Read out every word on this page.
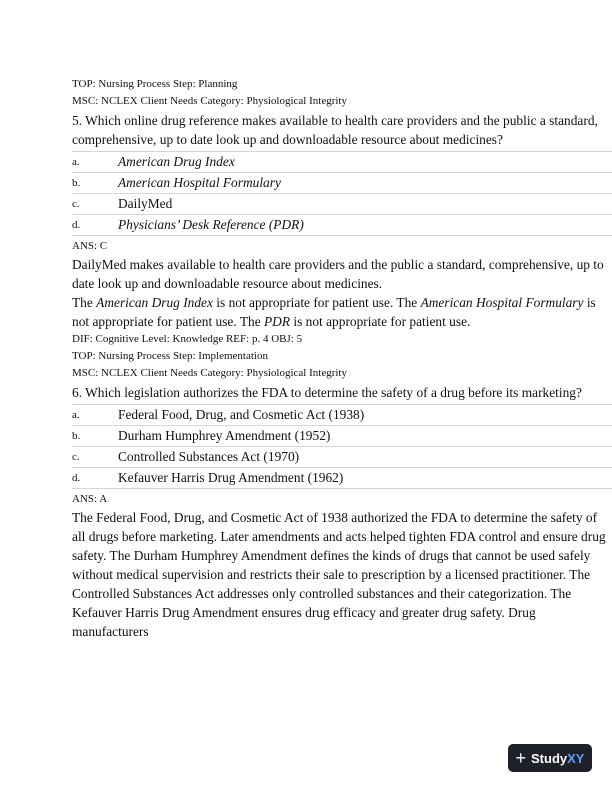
TOP: Nursing Process Step: Planning
MSC: NCLEX Client Needs Category: Physiological Integrity
5. Which online drug reference makes available to health care providers and the public a standard, comprehensive, up to date look up and downloadable resource about medicines?
a.	American Drug Index
b.	American Hospital Formulary
c.	DailyMed
d.	Physicians’ Desk Reference (PDR)
ANS: C

DailyMed makes available to health care providers and the public a standard, comprehensive, up to date look up and downloadable resource about medicines.

The American Drug Index is not appropriate for patient use. The American Hospital Formulary is not appropriate for patient use. The PDR is not appropriate for patient use.

DIF: Cognitive Level: Knowledge REF: p. 4 OBJ: 5
TOP: Nursing Process Step: Implementation
MSC: NCLEX Client Needs Category: Physiological Integrity
6. Which legislation authorizes the FDA to determine the safety of a drug before its marketing?
a.	Federal Food, Drug, and Cosmetic Act (1938)
b.	Durham Humphrey Amendment (1952)
c.	Controlled Substances Act (1970)
d.	Kefauver Harris Drug Amendment (1962)
ANS: A

The Federal Food, Drug, and Cosmetic Act of 1938 authorized the FDA to determine the safety of all drugs before marketing. Later amendments and acts helped tighten FDA control and ensure drug safety. The Durham Humphrey Amendment defines the kinds of drugs that cannot be used safely without medical supervision and restricts their sale to prescription by a licensed practitioner. The Controlled Substances Act addresses only controlled substances and their categorization. The Kefauver Harris Drug Amendment ensures drug efficacy and greater drug safety. Drug manufacturers

+ Study XY
